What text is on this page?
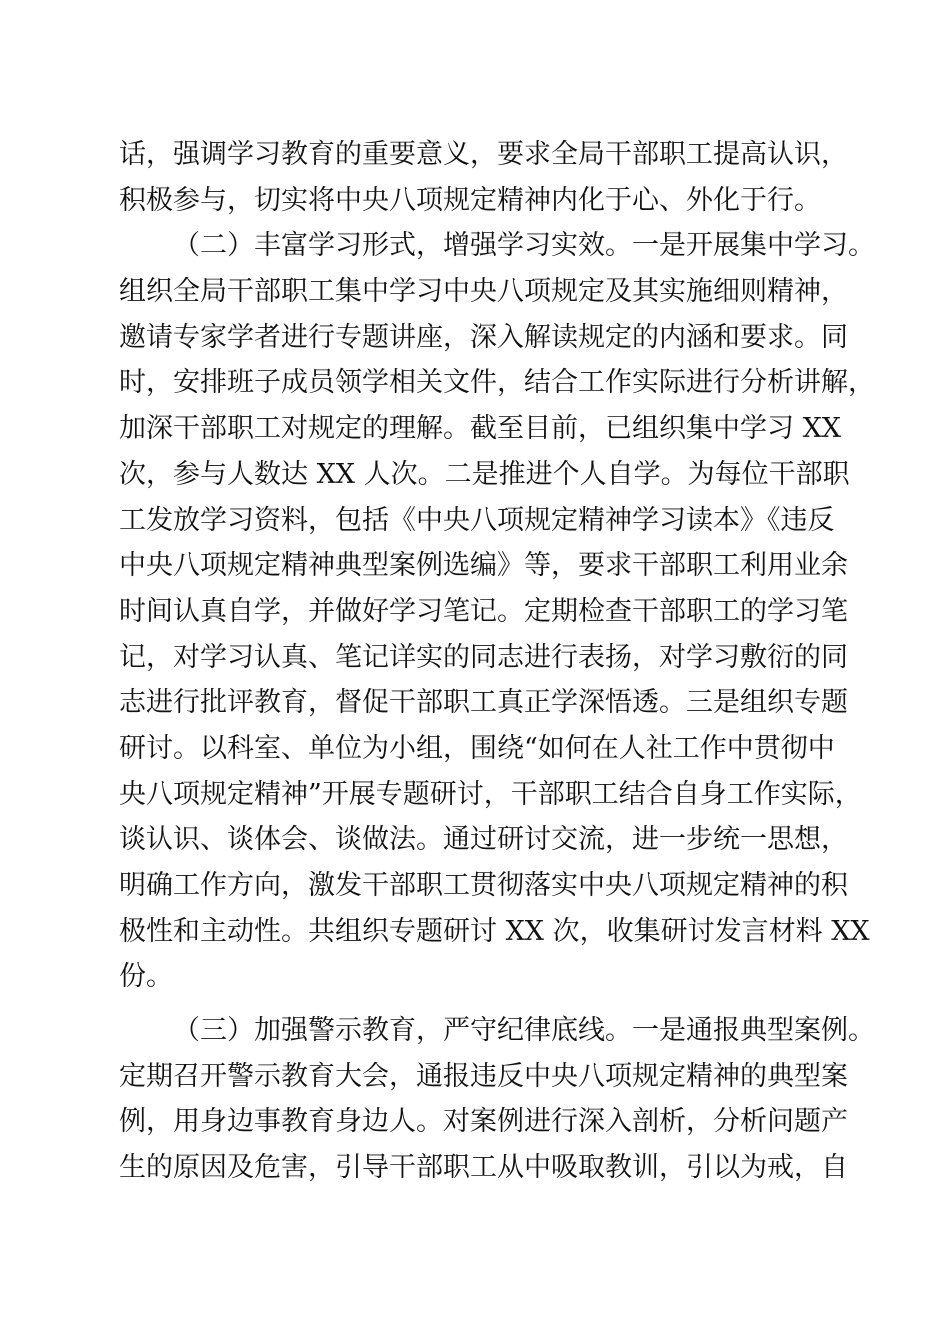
话，强调学习教育的重要意义，要求全局干部职工提高认识，
积极参与，切实将中央八项规定精神内化于心、外化于行。
（二）丰富学习形式，增强学习实效。一是开展集中学习。
组织全局干部职工集中学习中央八项规定及其实施细则精神，
邀请专家学者进行专题讲座，深入解读规定的内涵和要求。同
时，安排班子成员领学相关文件，结合工作实际进行分析讲解，
加深干部职工对规定的理解。截至目前，已组织集中学习 XX
次，参与人数达 XX 人次。二是推进个人自学。为每位干部职
工发放学习资料，包括《中央八项规定精神学习读本》《违反
中央八项规定精神典型案例选编》等，要求干部职工利用业余
时间认真自学，并做好学习笔记。定期检查干部职工的学习笔
记，对学习认真、笔记详实的同志进行表扬，对学习敷衍的同
志进行批评教育，督促干部职工真正学深悟透。三是组织专题
研讨。以科室、单位为小组，围绕“如何在人社工作中贯彻中
央八项规定精神”开展专题研讨，干部职工结合自身工作实际，
谈认识、谈体会、谈做法。通过研讨交流，进一步统一思想，
明确工作方向，激发干部职工贯彻落实中央八项规定精神的积
极性和主动性。共组织专题研讨 XX 次，收集研讨发言材料 XX
份。
（三）加强警示教育，严守纪律底线。一是通报典型案例。
定期召开警示教育大会，通报违反中央八项规定精神的典型案
例，用身边事教育身边人。对案例进行深入剖析，分析问题产
生的原因及危害，引导干部职工从中吸取教训，引以为戒，自
